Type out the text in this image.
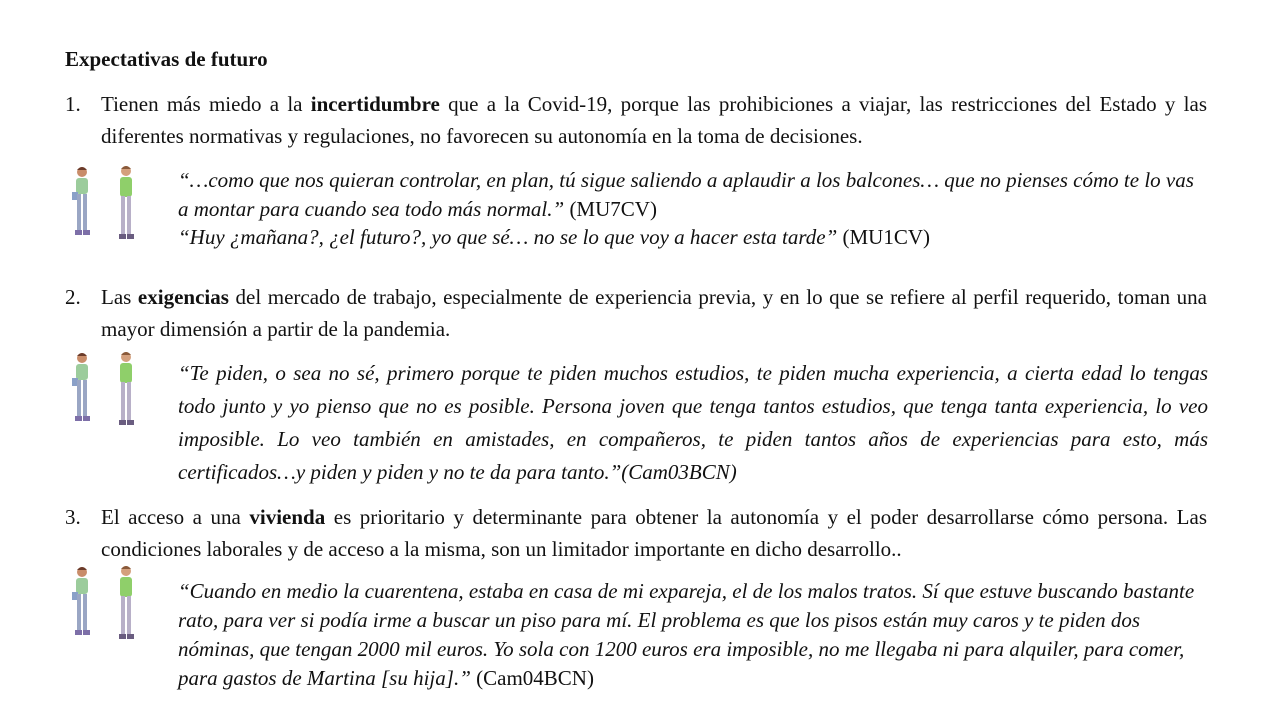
Expectativas de futuro
1. Tienen más miedo a la incertidumbre que a la Covid-19, porque las prohibiciones a viajar, las restricciones del Estado y las diferentes normativas y regulaciones, no favorecen su autonomía en la toma de decisiones.
“…como que nos quieran controlar, en plan, tú sigue saliendo a aplaudir a los balcones… que no pienses cómo te lo vas a montar para cuando sea todo más normal.” (MU7CV)
“Huy ¿mañana?, ¿el futuro?, yo que sé… no se lo que voy a hacer esta tarde” (MU1CV)
2. Las exigencias del mercado de trabajo, especialmente de experiencia previa, y en lo que se refiere al perfil requerido, toman una mayor dimensión a partir de la pandemia.
“Te piden, o sea no sé, primero porque te piden muchos estudios, te piden mucha experiencia, a cierta edad lo tengas todo junto y yo pienso que no es posible. Persona joven que tenga tantos estudios, que tenga tanta experiencia, lo veo imposible. Lo veo también en amistades, en compañeros, te piden tantos años de experiencias para esto, más certificados…y piden y piden y no te da para tanto.”(Cam03BCN)
3. El acceso a una vivienda es prioritario y determinante para obtener la autonomía y el poder desarrollarse cómo persona. Las condiciones laborales y de acceso a la misma, son un limitador importante en dicho desarrollo..
“Cuando en medio la cuarentena, estaba en casa de mi expareja, el de los malos tratos. Sí que estuve buscando bastante rato, para ver si podía irme a buscar un piso para mí. El problema es que los pisos están muy caros y te piden dos nóminas, que tengan 2000 mil euros. Yo sola con 1200 euros era imposible, no me llegaba ni para alquiler, para comer, para gastos de Martina [su hija].” (Cam04BCN)
